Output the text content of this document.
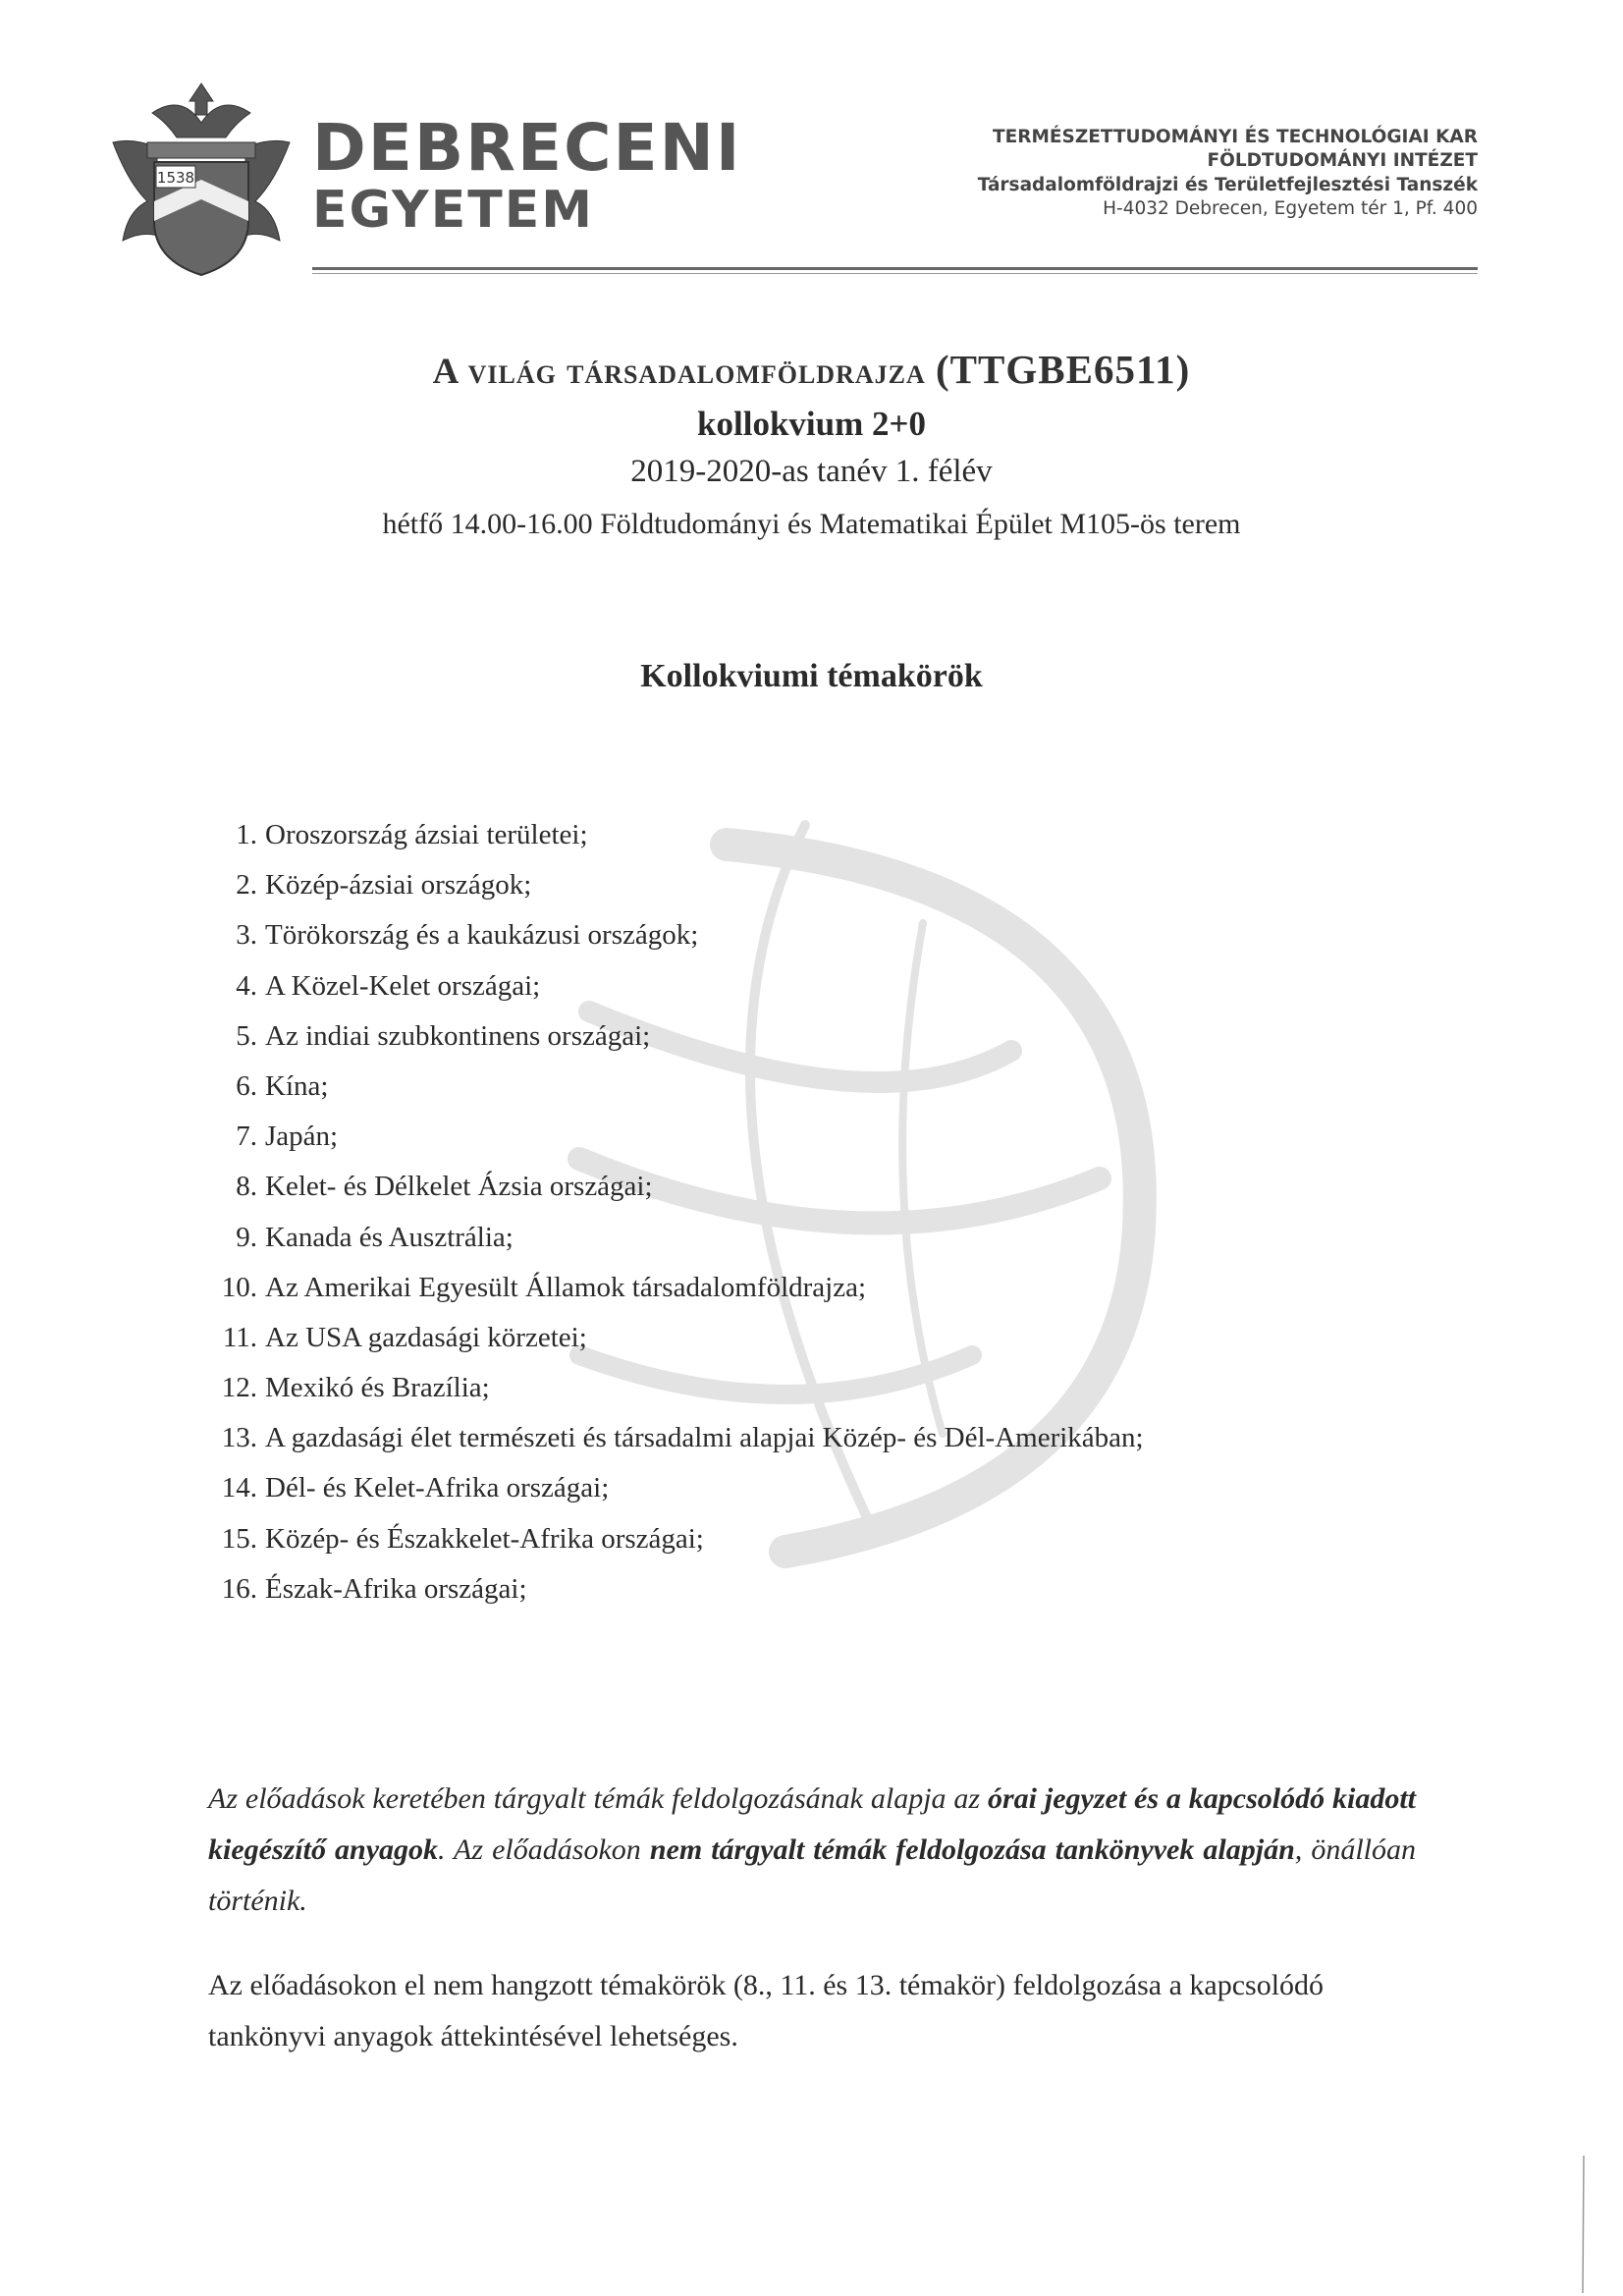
1538 DEBRECENI
EGYETEM
TERMÉSZETTUDOMÁNYI ÉS TECHNOLÓGIAI KAR
FÖLDTUDOMÁNYI INTÉZET
Társadalomföldrajzi és Területfejlesztési Tanszék
H-4032 Debrecen, Egyetem tér 1, Pf. 400
A világ társadalomföldrajza (TTGBE6511)
kollokvium 2+0
2019-2020-as tanév 1. félév
hétfő 14.00-16.00 Földtudományi és Matematikai Épület M105-ös terem
Kollokviumi témakörök
1. Oroszország ázsiai területei;
2. Közép-ázsiai országok;
3. Törökország és a kaukázusi országok;
4. A Közel-Kelet országai;
5. Az indiai szubkontinens országai;
6. Kína;
7. Japán;
8. Kelet- és Délkelet Ázsia országai;
9. Kanada és Ausztrália;
10. Az Amerikai Egyesült Államok társadalomföldrajza;
11. Az USA gazdasági körzetei;
12. Mexikó és Brazília;
13. A gazdasági élet természeti és társadalmi alapjai Közép- és Dél-Amerikában;
14. Dél- és Kelet-Afrika országai;
15. Közép- és Északkelet-Afrika országai;
16. Észak-Afrika országai;

Az előadások keretében tárgyalt témák feldolgozásának alapja az órai jegyzet és a kapcsolódó kiadott kiegészítő anyagok. Az előadásokon nem tárgyalt témák feldolgozása tankönyvek alapján, önállóan történik.

Az előadásokon el nem hangzott témakörök (8., 11. és 13. témakör) feldolgozása a kapcsolódó tankönyvi anyagok áttekintésével lehetséges.
